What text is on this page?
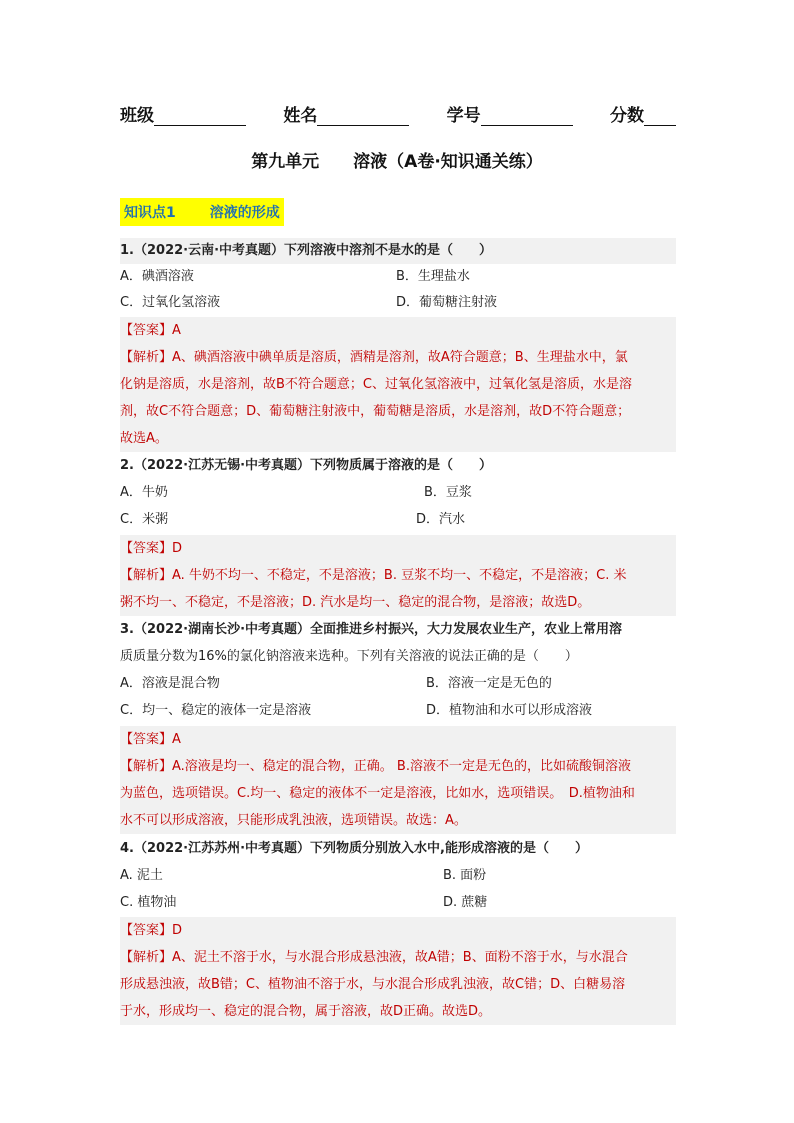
班级	姓名	学号	分数
第九单元　　溶液（A卷·知识通关练）
知识点1 溶液的形成
1.（2022·云南·中考真题）下列溶液中溶剂不是水的是（　　）
A．碘酒溶液	B．生理盐水
C．过氧化氢溶液	D．葡萄糖注射液
【答案】A
【解析】A、碘酒溶液中碘单质是溶质，酒精是溶剂，故A符合题意；B、生理盐水中，氯
化钠是溶质，水是溶剂，故B不符合题意；C、过氧化氢溶液中，过氧化氢是溶质，水是溶
剂，故C不符合题意；D、葡萄糖注射液中，葡萄糖是溶质，水是溶剂，故D不符合题意；
故选A。
2.（2022·江苏无锡·中考真题）下列物质属于溶液的是（　　）
A．牛奶	B．豆浆
C．米粥	D．汽水
【答案】D
【解析】A. 牛奶不均一、不稳定，不是溶液；B. 豆浆不均一、不稳定，不是溶液；C. 米
粥不均一、不稳定，不是溶液；D. 汽水是均一、稳定的混合物，是溶液；故选D。
3.（2022·湖南长沙·中考真题）全面推进乡村振兴，大力发展农业生产，农业上常用溶
质质量分数为16%的氯化钠溶液来选种。下列有关溶液的说法正确的是（　　）
A．溶液是混合物	B．溶液一定是无色的
C．均一、稳定的液体一定是溶液	D．植物油和水可以形成溶液
【答案】A
【解析】A.溶液是均一、稳定的混合物，正确。 B.溶液不一定是无色的，比如硫酸铜溶液
为蓝色，选项错误。C.均一、稳定的液体不一定是溶液，比如水，选项错误。　D.植物油和
水不可以形成溶液，只能形成乳浊液，选项错误。故选：A。
4.（2022·江苏苏州·中考真题）下列物质分别放入水中,能形成溶液的是（　　）
A. 泥土	B. 面粉
C. 植物油	D. 蔗糖
【答案】D
【解析】A、泥土不溶于水，与水混合形成悬浊液，故A错；B、面粉不溶于水，与水混合
形成悬浊液，故B错；C、植物油不溶于水，与水混合形成乳浊液，故C错；D、白糖易溶
于水，形成均一、稳定的混合物，属于溶液，故D正确。故选D。
